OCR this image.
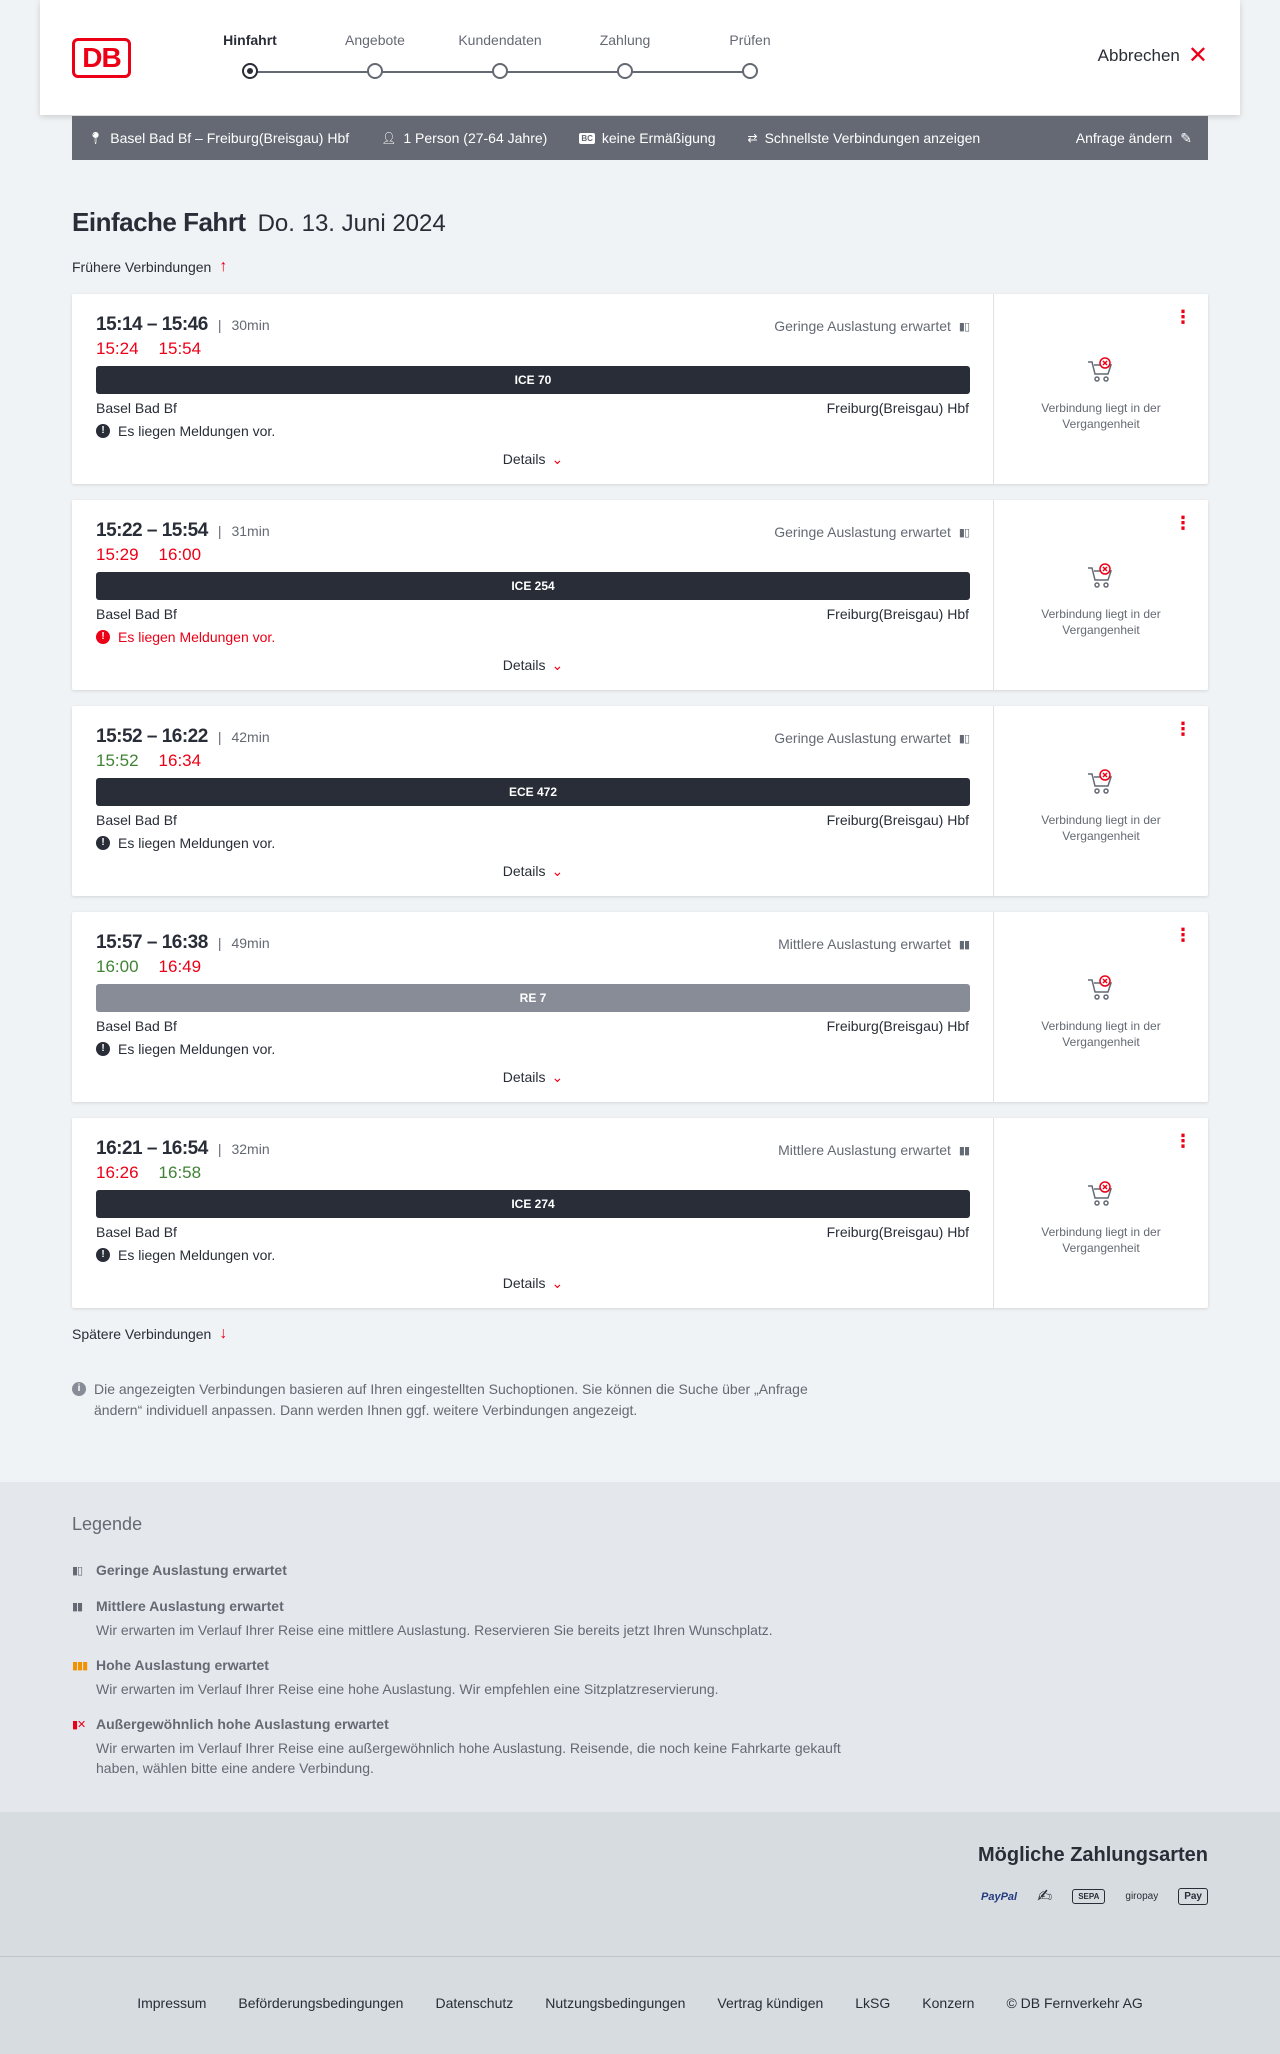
DB
Hinfahrt	Angebote	Kundendaten	Zahlung	Prüfen
Abbrechen ✕
📍︎ Basel Bad Bf – Freiburg(Breisgau) Hbf	👤︎ 1 Person (27-64 Jahre)	BC keine Ermäßigung	⇄ Schnellste Verbindungen anzeigen	Anfrage ändern ✎
Einfache Fahrt Do. 13. Juni 2024
Frühere Verbindungen ↑
15:14 – 15:46 | 30min
15:24 15:54
Geringe Auslastung erwartet ▮▯
ICE 70
Basel Bad Bf	Freiburg(Breisgau) Hbf
! Es liegen Meldungen vor.
Details ⌄
⋮
Verbindung liegt in der Vergangenheit
15:22 – 15:54 | 31min
15:29 16:00
Geringe Auslastung erwartet ▮▯
ICE 254
Basel Bad Bf	Freiburg(Breisgau) Hbf
! Es liegen Meldungen vor.
Details ⌄
⋮
Verbindung liegt in der Vergangenheit
15:52 – 16:22 | 42min
15:52 16:34
Geringe Auslastung erwartet ▮▯
ECE 472
Basel Bad Bf	Freiburg(Breisgau) Hbf
! Es liegen Meldungen vor.
Details ⌄
⋮
Verbindung liegt in der Vergangenheit
15:57 – 16:38 | 49min
16:00 16:49
Mittlere Auslastung erwartet ▮▮
RE 7
Basel Bad Bf	Freiburg(Breisgau) Hbf
! Es liegen Meldungen vor.
Details ⌄
⋮
Verbindung liegt in der Vergangenheit
16:21 – 16:54 | 32min
16:26 16:58
Mittlere Auslastung erwartet ▮▮
ICE 274
Basel Bad Bf	Freiburg(Breisgau) Hbf
! Es liegen Meldungen vor.
Details ⌄
⋮
Verbindung liegt in der Vergangenheit
Spätere Verbindungen ↓
i Die angezeigten Verbindungen basieren auf Ihren eingestellten Suchoptionen. Sie können die Suche über „Anfrage ändern“ individuell anpassen. Dann werden Ihnen ggf. weitere Verbindungen angezeigt.
Legende
▮▯ Geringe Auslastung erwartet
▮▮ Mittlere Auslastung erwartet
Wir erwarten im Verlauf Ihrer Reise eine mittlere Auslastung. Reservieren Sie bereits jetzt Ihren Wunschplatz.
▮▮▮ Hohe Auslastung erwartet
Wir erwarten im Verlauf Ihrer Reise eine hohe Auslastung. Wir empfehlen eine Sitzplatzreservierung.
▮✕ Außergewöhnlich hohe Auslastung erwartet
Wir erwarten im Verlauf Ihrer Reise eine außergewöhnlich hohe Auslastung. Reisende, die noch keine Fahrkarte gekauft haben, wählen bitte eine andere Verbindung.
Mögliche Zahlungsarten
PayPal ✍	SEPA	giropay	Pay
Impressum Beförderungsbedingungen Datenschutz Nutzungsbedingungen Vertrag kündigen LkSG Konzern © DB Fernverkehr AG
